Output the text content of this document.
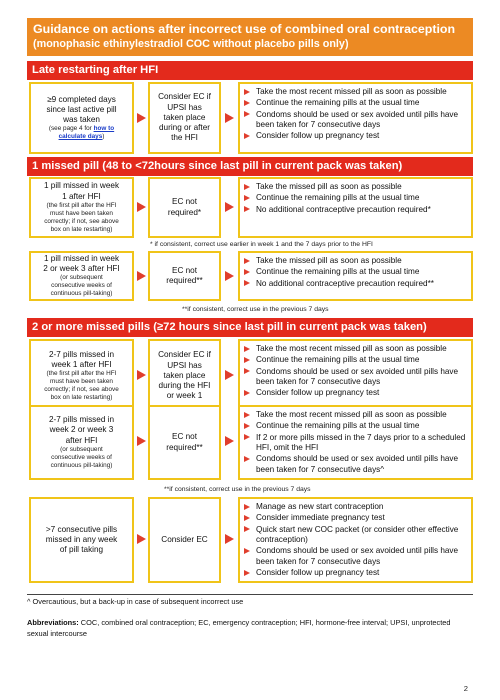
Guidance on actions after incorrect use of combined oral contraception
(monophasic ethinylestradiol COC without placebo pills only)
Late restarting after HFI
≥9 completed days
since last active pill
was taken
(see page 4 for how to
calculate days)
Consider EC if
UPSI has
taken place
during or after
the HFI
Take the most recent missed pill as soon as possible
Continue the remaining pills at the usual time
Condoms should be used or sex avoided until pills have been taken for 7 consecutive days
Consider follow up pregnancy test
1 missed pill (48 to <72hours since last pill in current pack was taken)
1 pill missed in week
1 after HFI
(the first pill after the HFI
must have been taken
correctly; if not, see above
box on late restarting)
EC not
required*
Take the missed pill as soon as possible
Continue the remaining pills at the usual time
No additional contraceptive precaution required*
* if consistent, correct use earlier in week 1 and the 7 days prior to the HFI
1 pill missed in week
2 or week 3 after HFI
(or subsequent
consecutive weeks of
continuous pill-taking)
EC not
required**
Take the missed pill as soon as possible
Continue the remaining pills at the usual time
No additional contraceptive precaution required**
**if consistent, correct use in the previous 7 days
2 or more missed pills (≥72 hours since last pill in current pack was taken)
2-7 pills missed in
week 1 after HFI
(the first pill after the HFI
must have been taken
correctly; if not, see above
box on late restarting)
Consider EC if
UPSI has
taken place
during the HFI
or week 1
Take the most recent missed pill as soon as possible
Continue the remaining pills at the usual time
Condoms should be used or sex avoided until pills have been taken for 7 consecutive days
Consider follow up pregnancy test
2-7 pills missed in
week 2 or week 3
after HFI
(or subsequent
consecutive weeks of
continuous pill-taking)
EC not
required**
Take the most recent missed pill as soon as possible
Continue the remaining pills at the usual time
If 2 or more pills missed in the 7 days prior to a scheduled HFI, omit the HFI
Condoms should be used or sex avoided until pills have been taken for 7 consecutive days^
**if consistent, correct use in the previous 7 days
>7 consecutive pills
missed in any week
of pill taking
Consider EC
Manage as new start contraception
Consider immediate pregnancy test
Quick start new COC packet (or consider other effective contraception)
Condoms should be used or sex avoided until pills have been taken for 7 consecutive days
Consider follow up pregnancy test
^ Overcautious, but a back-up in case of subsequent incorrect use
Abbreviations: COC, combined oral contraception; EC, emergency contraception; HFI, hormone-free interval; UPSI, unprotected sexual intercourse
2
